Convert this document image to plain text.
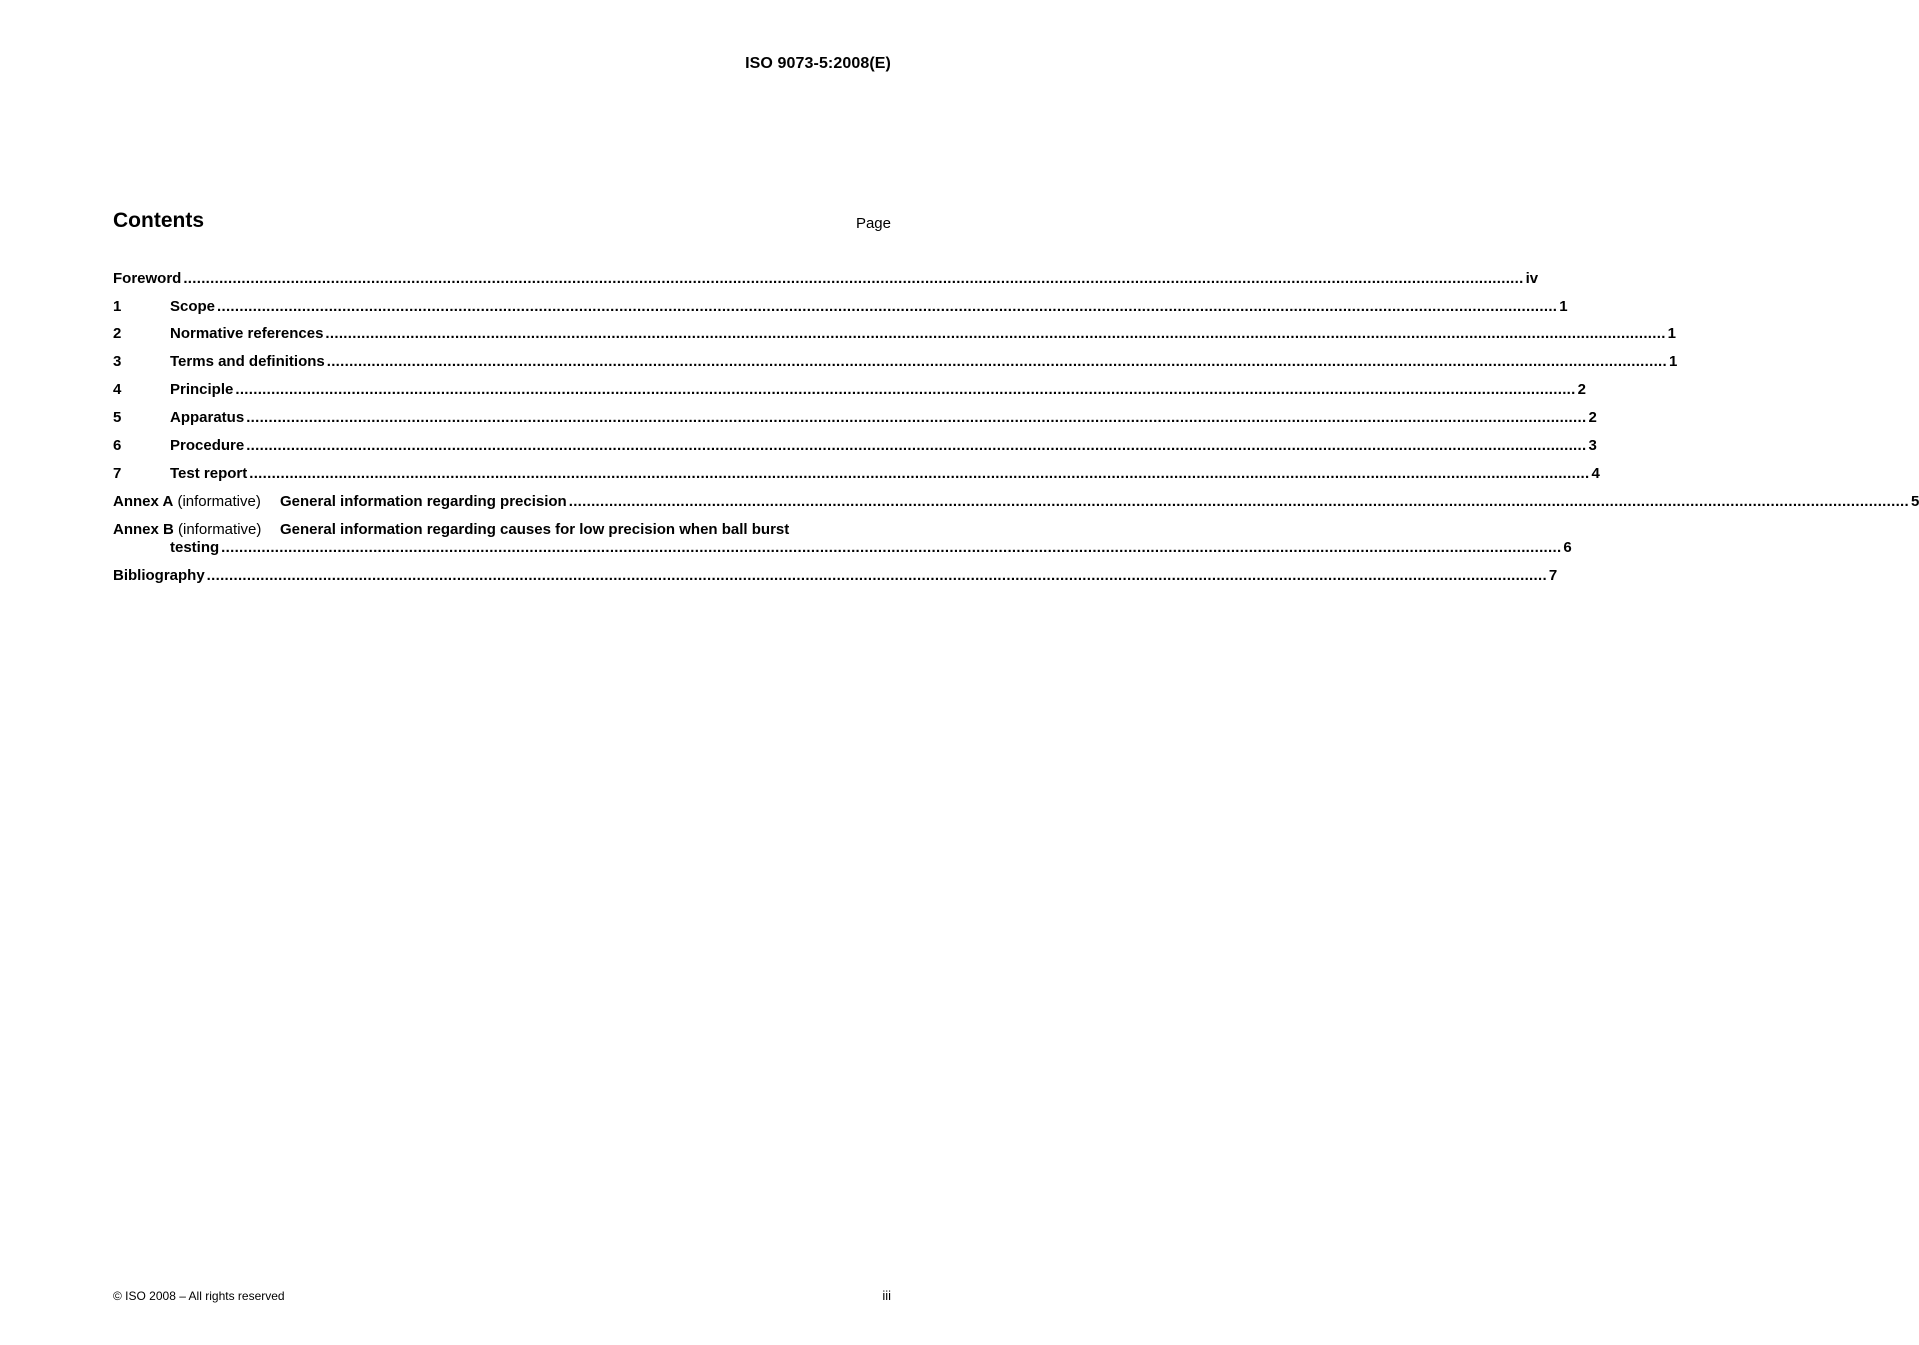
ISO 9073-5:2008(E)
Contents	Page
Foreword ............................................................................................................................................................................................................................................................................................................ iv
1	Scope ............................................................................................................................................................................................................................................................................................................ 1
2	Normative references ............................................................................................................................................................................................................................................................................................................ 1
3	Terms and definitions ............................................................................................................................................................................................................................................................................................................ 1
4	Principle ............................................................................................................................................................................................................................................................................................................ 2
5	Apparatus ............................................................................................................................................................................................................................................................................................................ 2
6	Procedure ............................................................................................................................................................................................................................................................................................................ 3
7	Test report ............................................................................................................................................................................................................................................................................................................ 4
Annex A (informative) General information regarding precision ............................................................................................................................................................................................................................................................................................................ 5
Annex B (informative) General information regarding causes for low precision when ball burst
testing ............................................................................................................................................................................................................................................................................................................ 6
Bibliography ............................................................................................................................................................................................................................................................................................................ 7
© ISO 2008 – All rights reserved	iii
